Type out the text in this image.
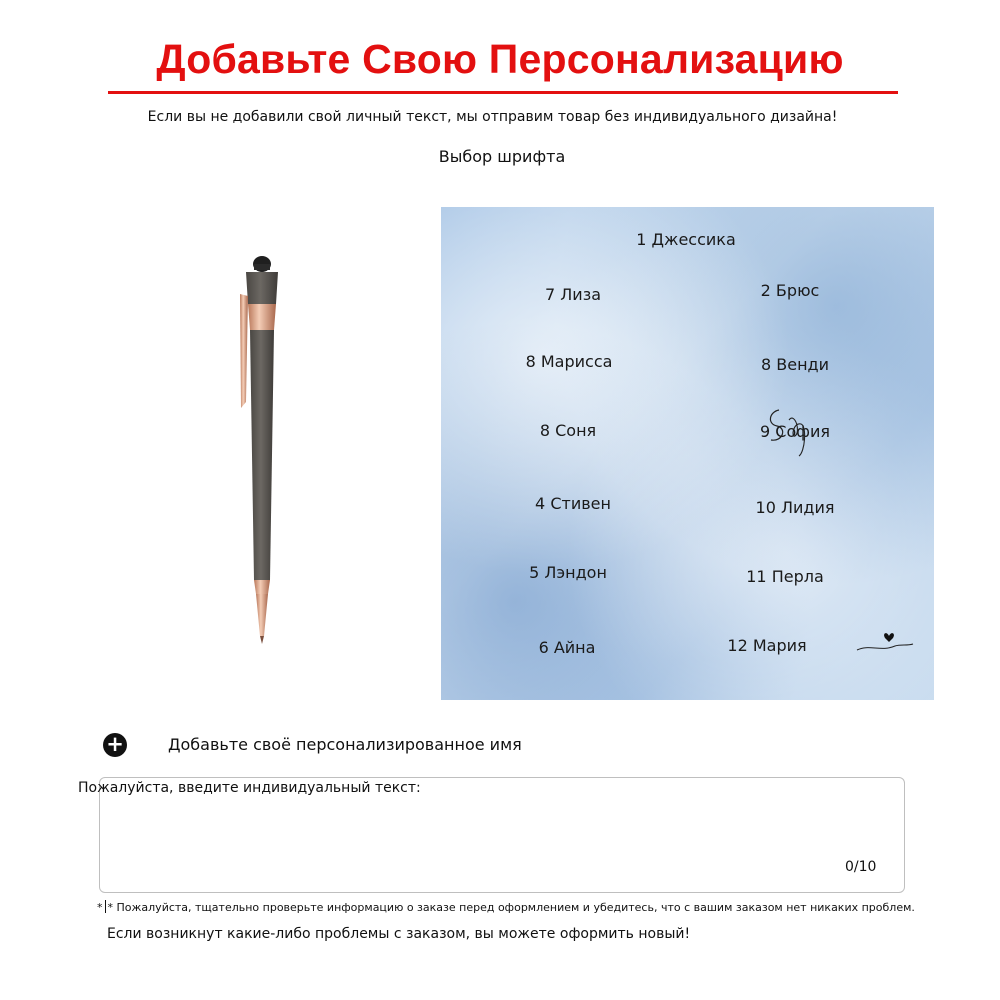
Добавьте Свою Персонализацию
Если вы не добавили свой личный текст, мы отправим товар без индивидуального дизайна!
Выбор шрифта
1 Джессика
7 Лиза	2 Брюс
8 Марисса	8 Венди
8 Соня	9 София
4 Стивен	10 Лидия
5 Лэндон	11 Перла
6 Айна	12 Мария
+	Добавьте своё персонализированное имя
Пожалуйста, введите индивидуальный текст:
0/10
* * Пожалуйста, тщательно проверьте информацию о заказе перед оформлением и убедитесь, что с вашим заказом нет никаких проблем.
Если возникнут какие-либо проблемы с заказом, вы можете оформить новый!
